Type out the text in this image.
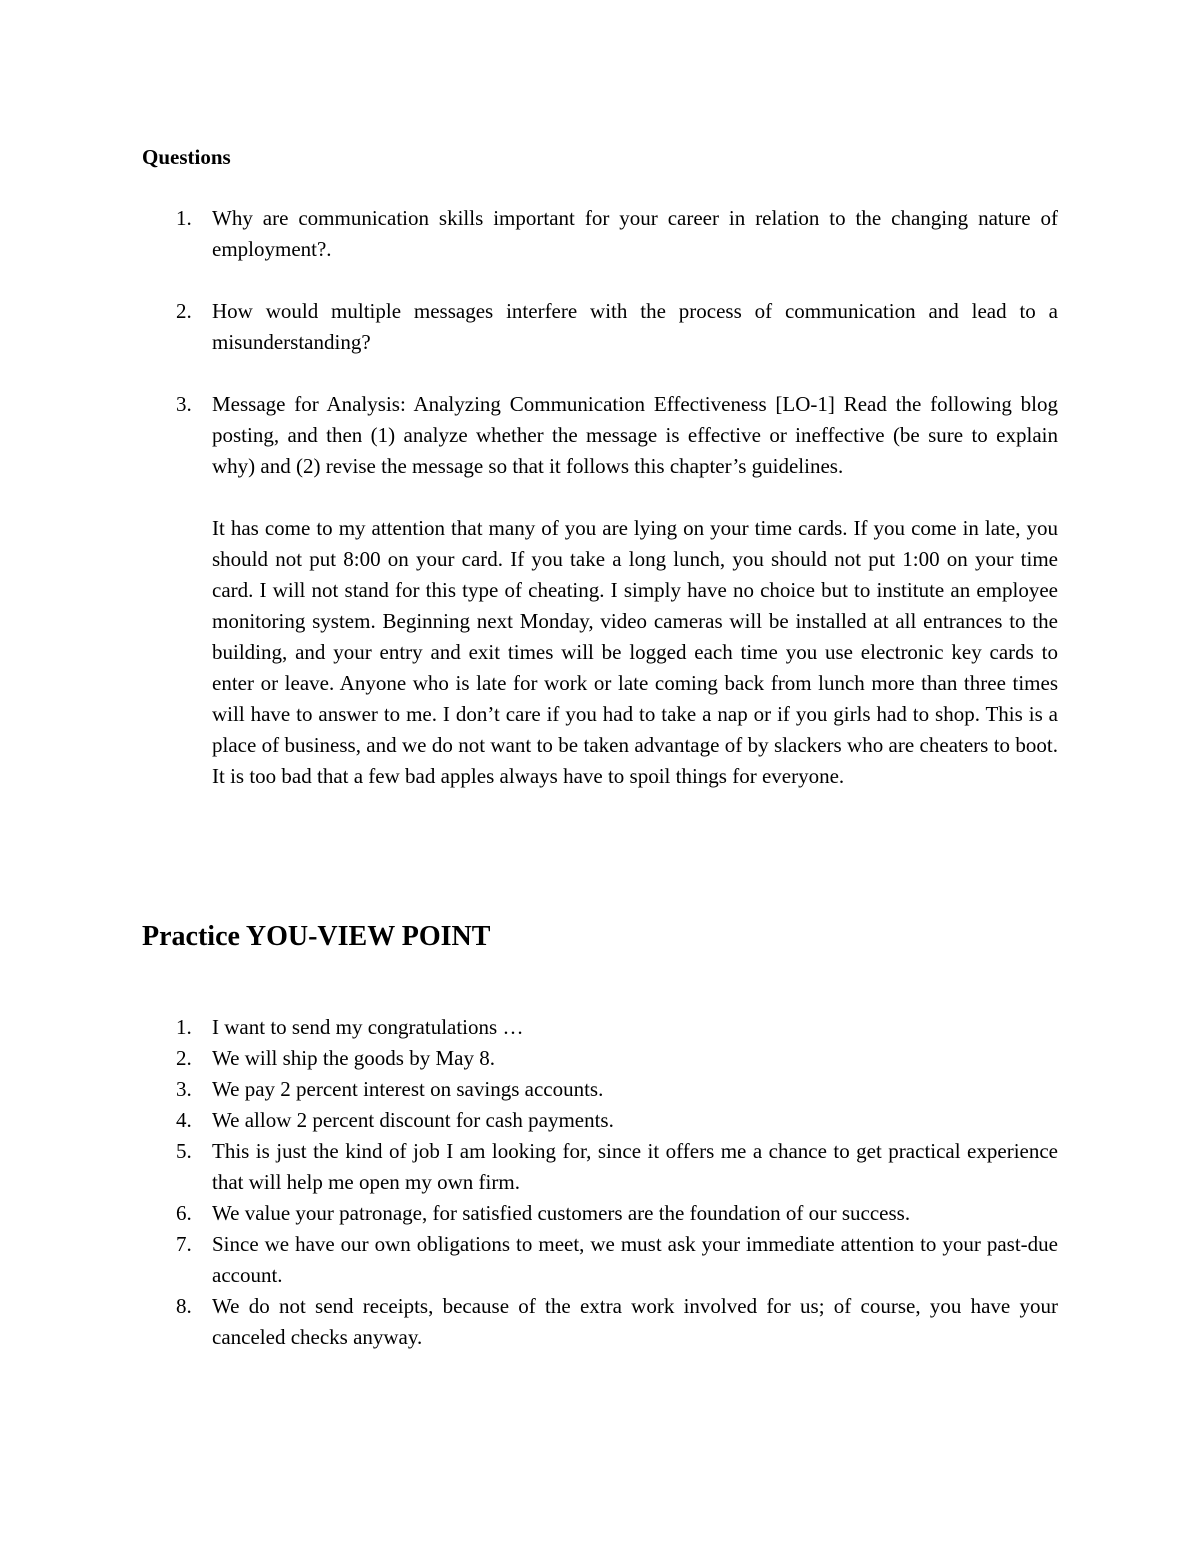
Questions
1. Why are communication skills important for your career in relation to the changing nature of employment?.

2. How would multiple messages interfere with the process of communication and lead to a misunderstanding?

3. Message for Analysis: Analyzing Communication Effectiveness [LO-1] Read the following blog posting, and then (1) analyze whether the message is effective or ineffective (be sure to explain why) and (2) revise the message so that it follows this chapter’s guidelines.

It has come to my attention that many of you are lying on your time cards. If you come in late, you should not put 8:00 on your card. If you take a long lunch, you should not put 1:00 on your time card. I will not stand for this type of cheating. I simply have no choice but to institute an employee monitoring system. Beginning next Monday, video cameras will be installed at all entrances to the building, and your entry and exit times will be logged each time you use electronic key cards to enter or leave. Anyone who is late for work or late coming back from lunch more than three times will have to answer to me. I don’t care if you had to take a nap or if you girls had to shop. This is a place of business, and we do not want to be taken advantage of by slackers who are cheaters to boot. It is too bad that a few bad apples always have to spoil things for everyone.

Practice YOU-VIEW POINT
1. I want to send my congratulations …

2. We will ship the goods by May 8.

3. We pay 2 percent interest on savings accounts.

4. We allow 2 percent discount for cash payments.

5. This is just the kind of job I am looking for, since it offers me a chance to get practical experience that will help me open my own firm.

6. We value your patronage, for satisfied customers are the foundation of our success.

7. Since we have our own obligations to meet, we must ask your immediate attention to your past-due account.

8. We do not send receipts, because of the extra work involved for us; of course, you have your canceled checks anyway.
